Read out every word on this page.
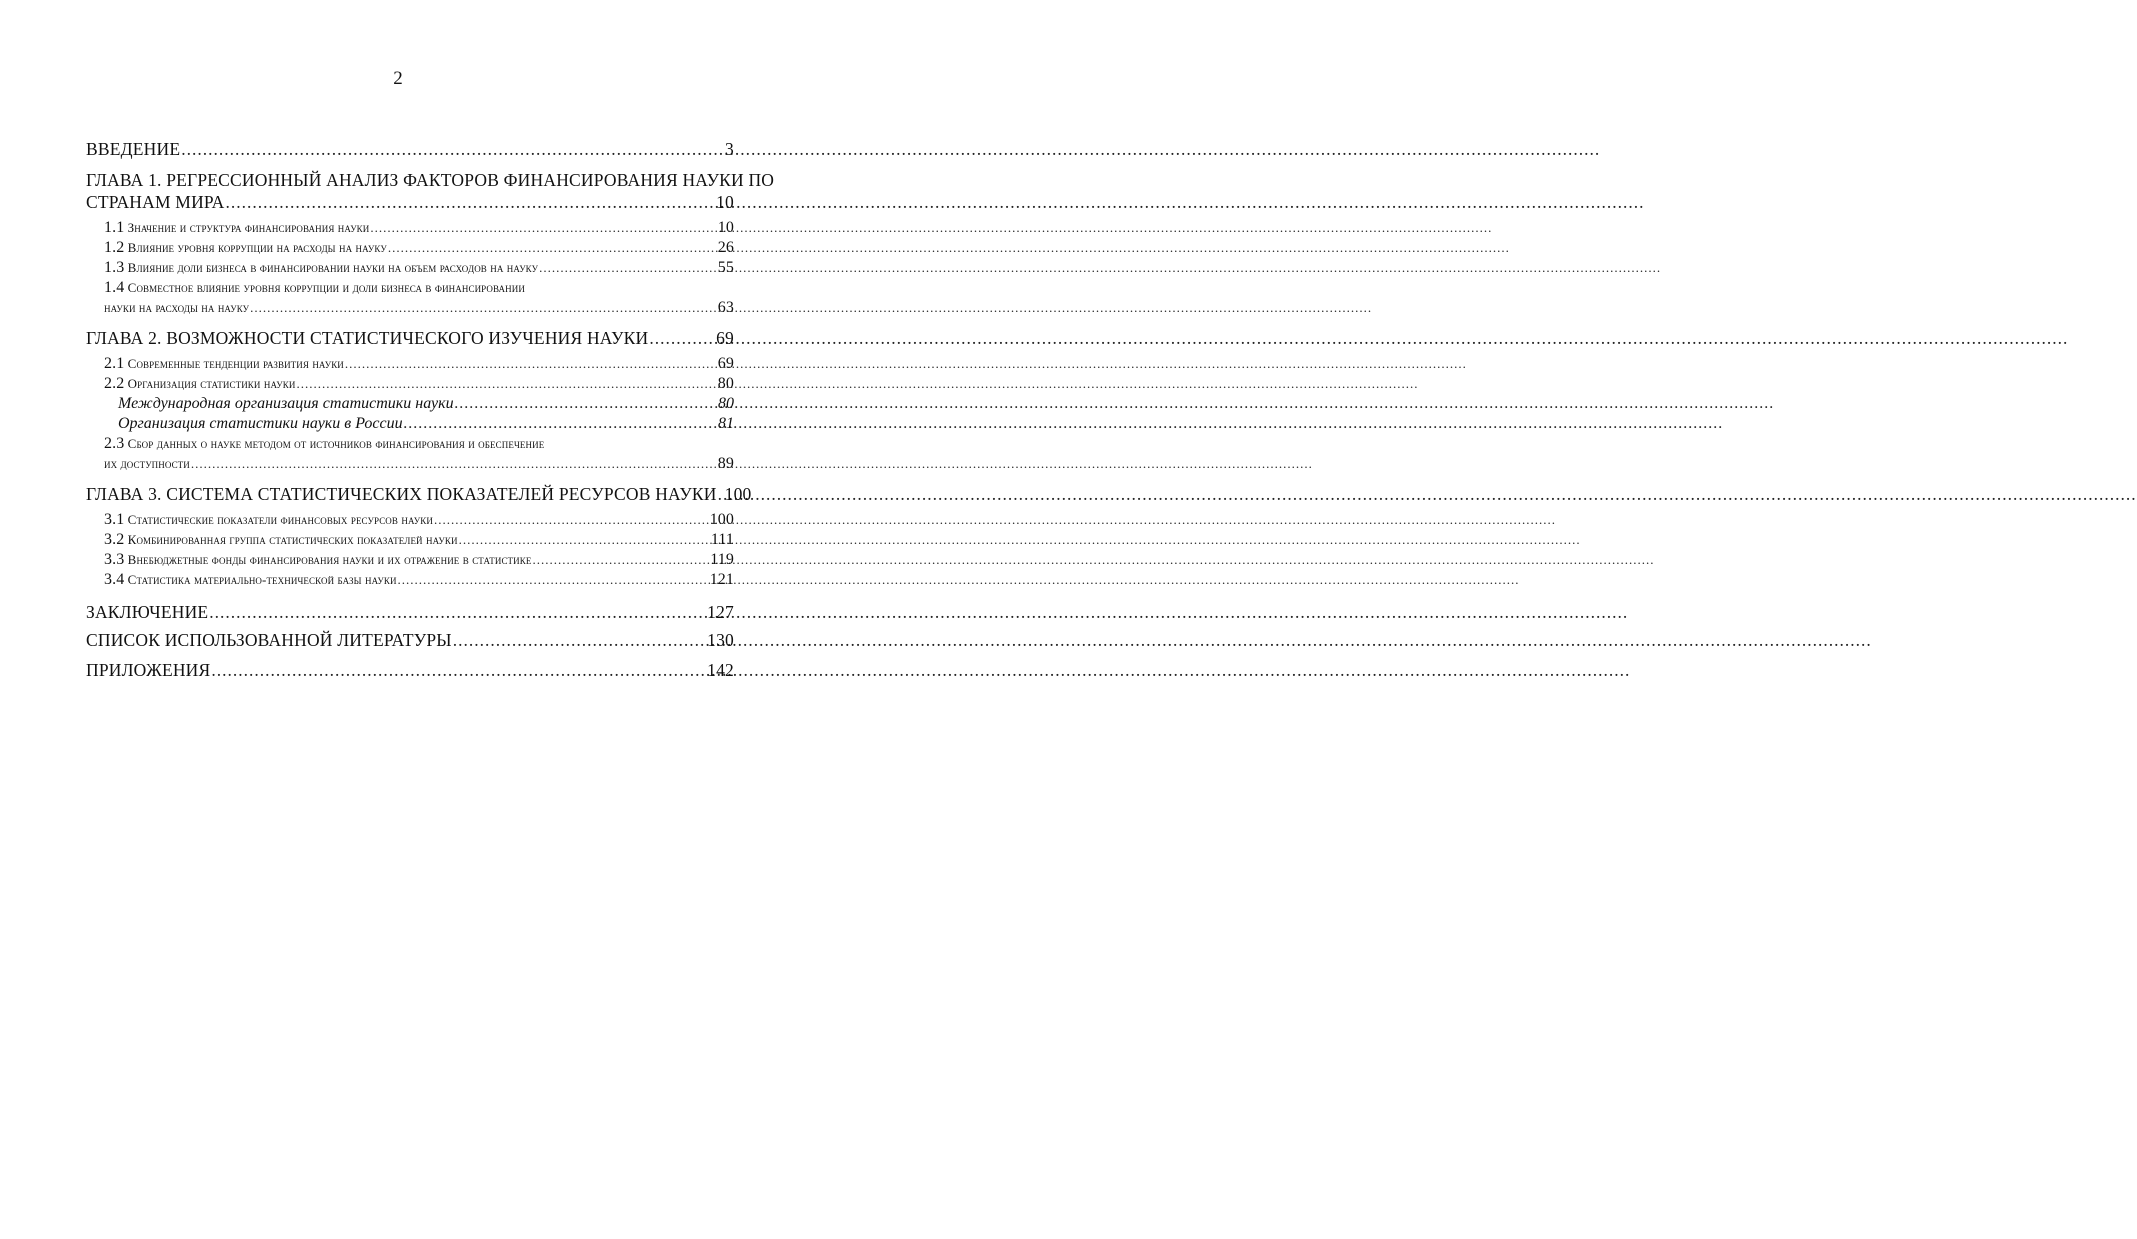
2
ВВЕДЕНИЕ .....	3
ГЛАВА 1. РЕГРЕССИОННЫЙ АНАЛИЗ ФАКТОРОВ ФИНАНСИРОВАНИЯ НАУКИ ПО
СТРАНАМ МИРА .....	10
1.1 Значение и структура финансирования науки .....	10
1.2 Влияние уровня коррупции на расходы на науку .....	26
1.3 Влияние доли бизнеса в финансировании науки на объем расходов на науку .....	55
1.4 Совместное влияние уровня коррупции и доли бизнеса в финансировании
науки на расходы на науку .....	63
ГЛАВА 2. ВОЗМОЖНОСТИ СТАТИСТИЧЕСКОГО ИЗУЧЕНИЯ НАУКИ .....	69
2.1 Современные тенденции развития науки .....	69
2.2 Организация статистики науки .....	80
Международная организация статистики науки .....	80
Организация статистики науки в России .....	81
2.3 Сбор данных о науке методом от источников финансирования и обеспечение
их доступности .....	89
ГЛАВА 3. СИСТЕМА СТАТИСТИЧЕСКИХ ПОКАЗАТЕЛЕЙ РЕСУРСОВ НАУКИ ..... 100
3.1 Статистические показатели финансовых ресурсов науки .....	100
3.2 Комбинированная группа статистических показателей науки .....	111
3.3 Внебюджетные фонды финансирования науки и их отражение в статистике .....	119
3.4 Статистика материально-технической базы науки .....	121
ЗАКЛЮЧЕНИЕ .....	127
СПИСОК ИСПОЛЬЗОВАННОЙ ЛИТЕРАТУРЫ .....	130
ПРИЛОЖЕНИЯ .....	142
